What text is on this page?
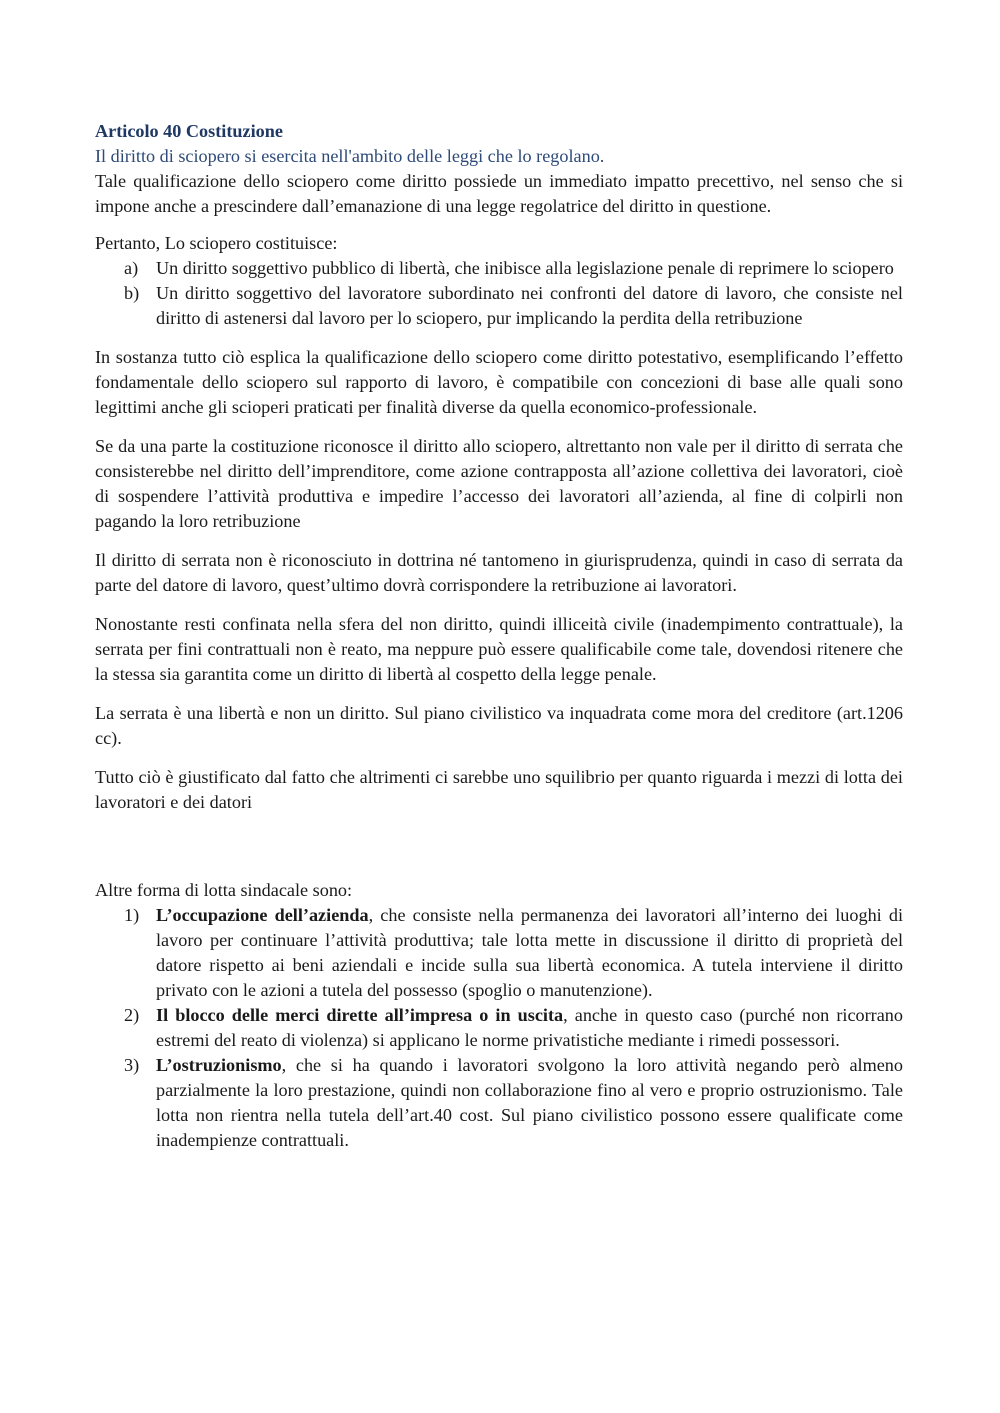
Articolo 40 Costituzione

Il diritto di sciopero si esercita nell'ambito delle leggi che lo regolano.

Tale qualificazione dello sciopero come diritto possiede un immediato impatto precettivo, nel senso che si impone anche a prescindere dall’emanazione di una legge regolatrice del diritto in questione.

Pertanto, Lo sciopero costituisce:

a) Un diritto soggettivo pubblico di libertà, che inibisce alla legislazione penale di reprimere lo sciopero
b) Un diritto soggettivo del lavoratore subordinato nei confronti del datore di lavoro, che consiste nel diritto di astenersi dal lavoro per lo sciopero, pur implicando la perdita della retribuzione

In sostanza tutto ciò esplica la qualificazione dello sciopero come diritto potestativo, esemplificando l’effetto fondamentale dello sciopero sul rapporto di lavoro, è compatibile con concezioni di base alle quali sono legittimi anche gli scioperi praticati per finalità diverse da quella economico-professionale.

Se da una parte la costituzione riconosce il diritto allo sciopero, altrettanto non vale per il diritto di serrata che consisterebbe nel diritto dell’imprenditore, come azione contrapposta all’azione collettiva dei lavoratori, cioè di sospendere l’attività produttiva e impedire l’accesso dei lavoratori all’azienda, al fine di colpirli non pagando la loro retribuzione

Il diritto di serrata non è riconosciuto in dottrina né tantomeno in giurisprudenza, quindi in caso di serrata da parte del datore di lavoro, quest’ultimo dovrà corrispondere la retribuzione ai lavoratori.

Nonostante resti confinata nella sfera del non diritto, quindi illiceità civile (inadempimento contrattuale), la serrata per fini contrattuali non è reato, ma neppure può essere qualificabile come tale, dovendosi ritenere che la stessa sia garantita come un diritto di libertà al cospetto della legge penale.

La serrata è una libertà e non un diritto. Sul piano civilistico va inquadrata come mora del creditore (art.1206 cc).

Tutto ciò è giustificato dal fatto che altrimenti ci sarebbe uno squilibrio per quanto riguarda i mezzi di lotta dei lavoratori e dei datori

Altre forma di lotta sindacale sono:

1) L’occupazione dell’azienda, che consiste nella permanenza dei lavoratori all’interno dei luoghi di lavoro per continuare l’attività produttiva; tale lotta mette in discussione il diritto di proprietà del datore rispetto ai beni aziendali e incide sulla sua libertà economica. A tutela interviene il diritto privato con le azioni a tutela del possesso (spoglio o manutenzione).
2) Il blocco delle merci dirette all’impresa o in uscita, anche in questo caso (purché non ricorrano estremi del reato di violenza) si applicano le norme privatistiche mediante i rimedi possessori.
3) L’ostruzionismo, che si ha quando i lavoratori svolgono la loro attività negando però almeno parzialmente la loro prestazione, quindi non collaborazione fino al vero e proprio ostruzionismo. Tale lotta non rientra nella tutela dell’art.40 cost. Sul piano civilistico possono essere qualificate come inadempienze contrattuali.
